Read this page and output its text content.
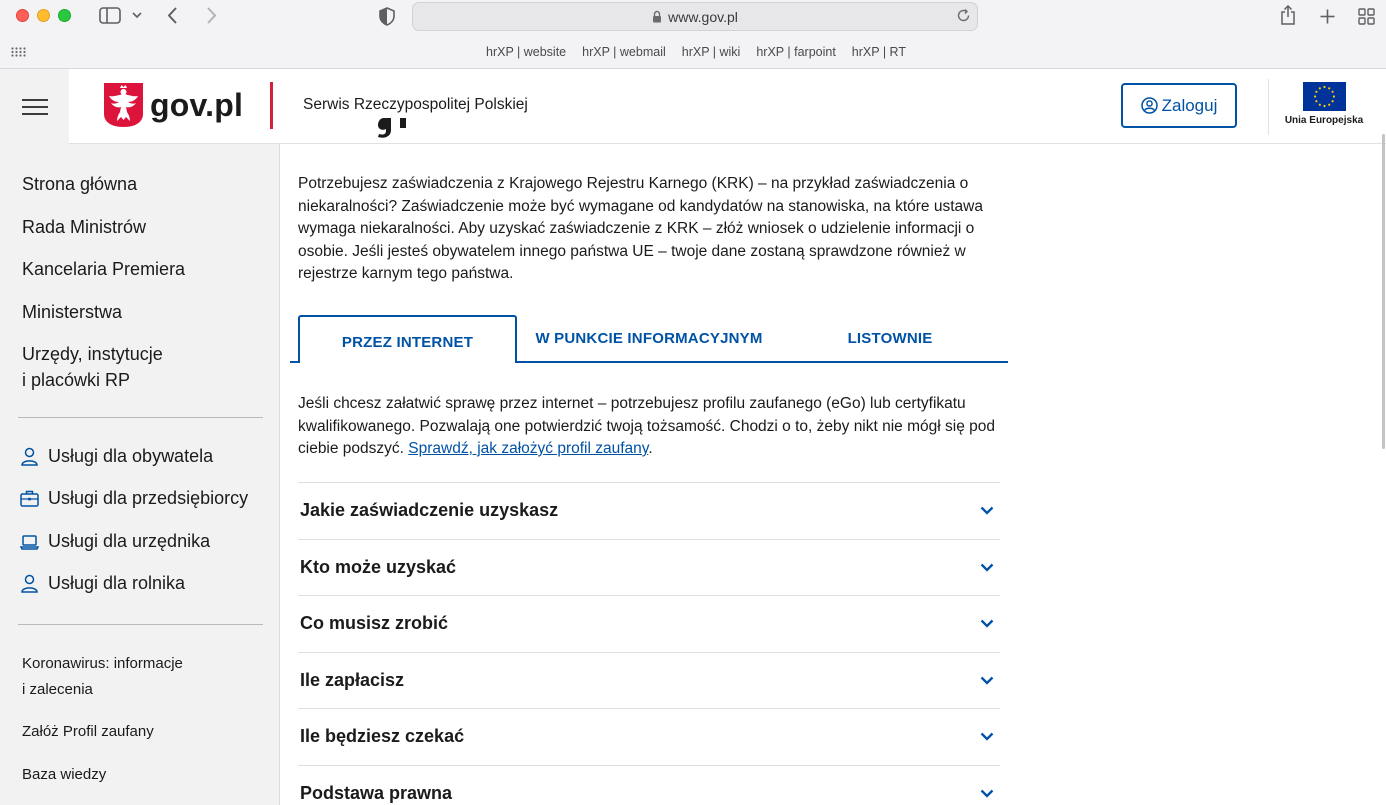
www.gov.pl
hrXP | website hrXP | webmail hrXP | wiki hrXP | farpoint hrXP | RT
gov.pl	Serwis Rzeczypospolitej Polskiej	Zaloguj
Unia Europejska
Strona główna
Rada Ministrów
Kancelaria Premiera
Ministerstwa
Urzędy, instytucje
i placówki RP
Usługi dla obywatela
Usługi dla przedsiębiorcy
Usługi dla urzędnika
Usługi dla rolnika
Koronawirus: informacje
i zalecenia
Załóż Profil zaufany
Baza wiedzy
Potrzebujesz zaświadczenia z Krajowego Rejestru Karnego (KRK) – na przykład zaświadczenia o niekaralności? Zaświadczenie może być wymagane od kandydatów na stanowiska, na które ustawa wymaga niekaralności. Aby uzyskać zaświadczenie z KRK – złóż wniosek o udzielenie informacji o osobie. Jeśli jesteś obywatelem innego państwa UE – twoje dane zostaną sprawdzone również w rejestrze karnym tego państwa.
PRZEZ INTERNET	W PUNKCIE INFORMACYJNYM	LISTOWNIE
Jeśli chcesz załatwić sprawę przez internet – potrzebujesz profilu zaufanego (eGo) lub certyfikatu kwalifikowanego. Pozwalają one potwierdzić twoją tożsamość. Chodzi o to, żeby nikt nie mógł się pod ciebie podszyć. Sprawdź, jak założyć profil zaufany.
Jakie zaświadczenie uzyskasz
Kto może uzyskać
Co musisz zrobić
Ile zapłacisz
Ile będziesz czekać
Podstawa prawna
